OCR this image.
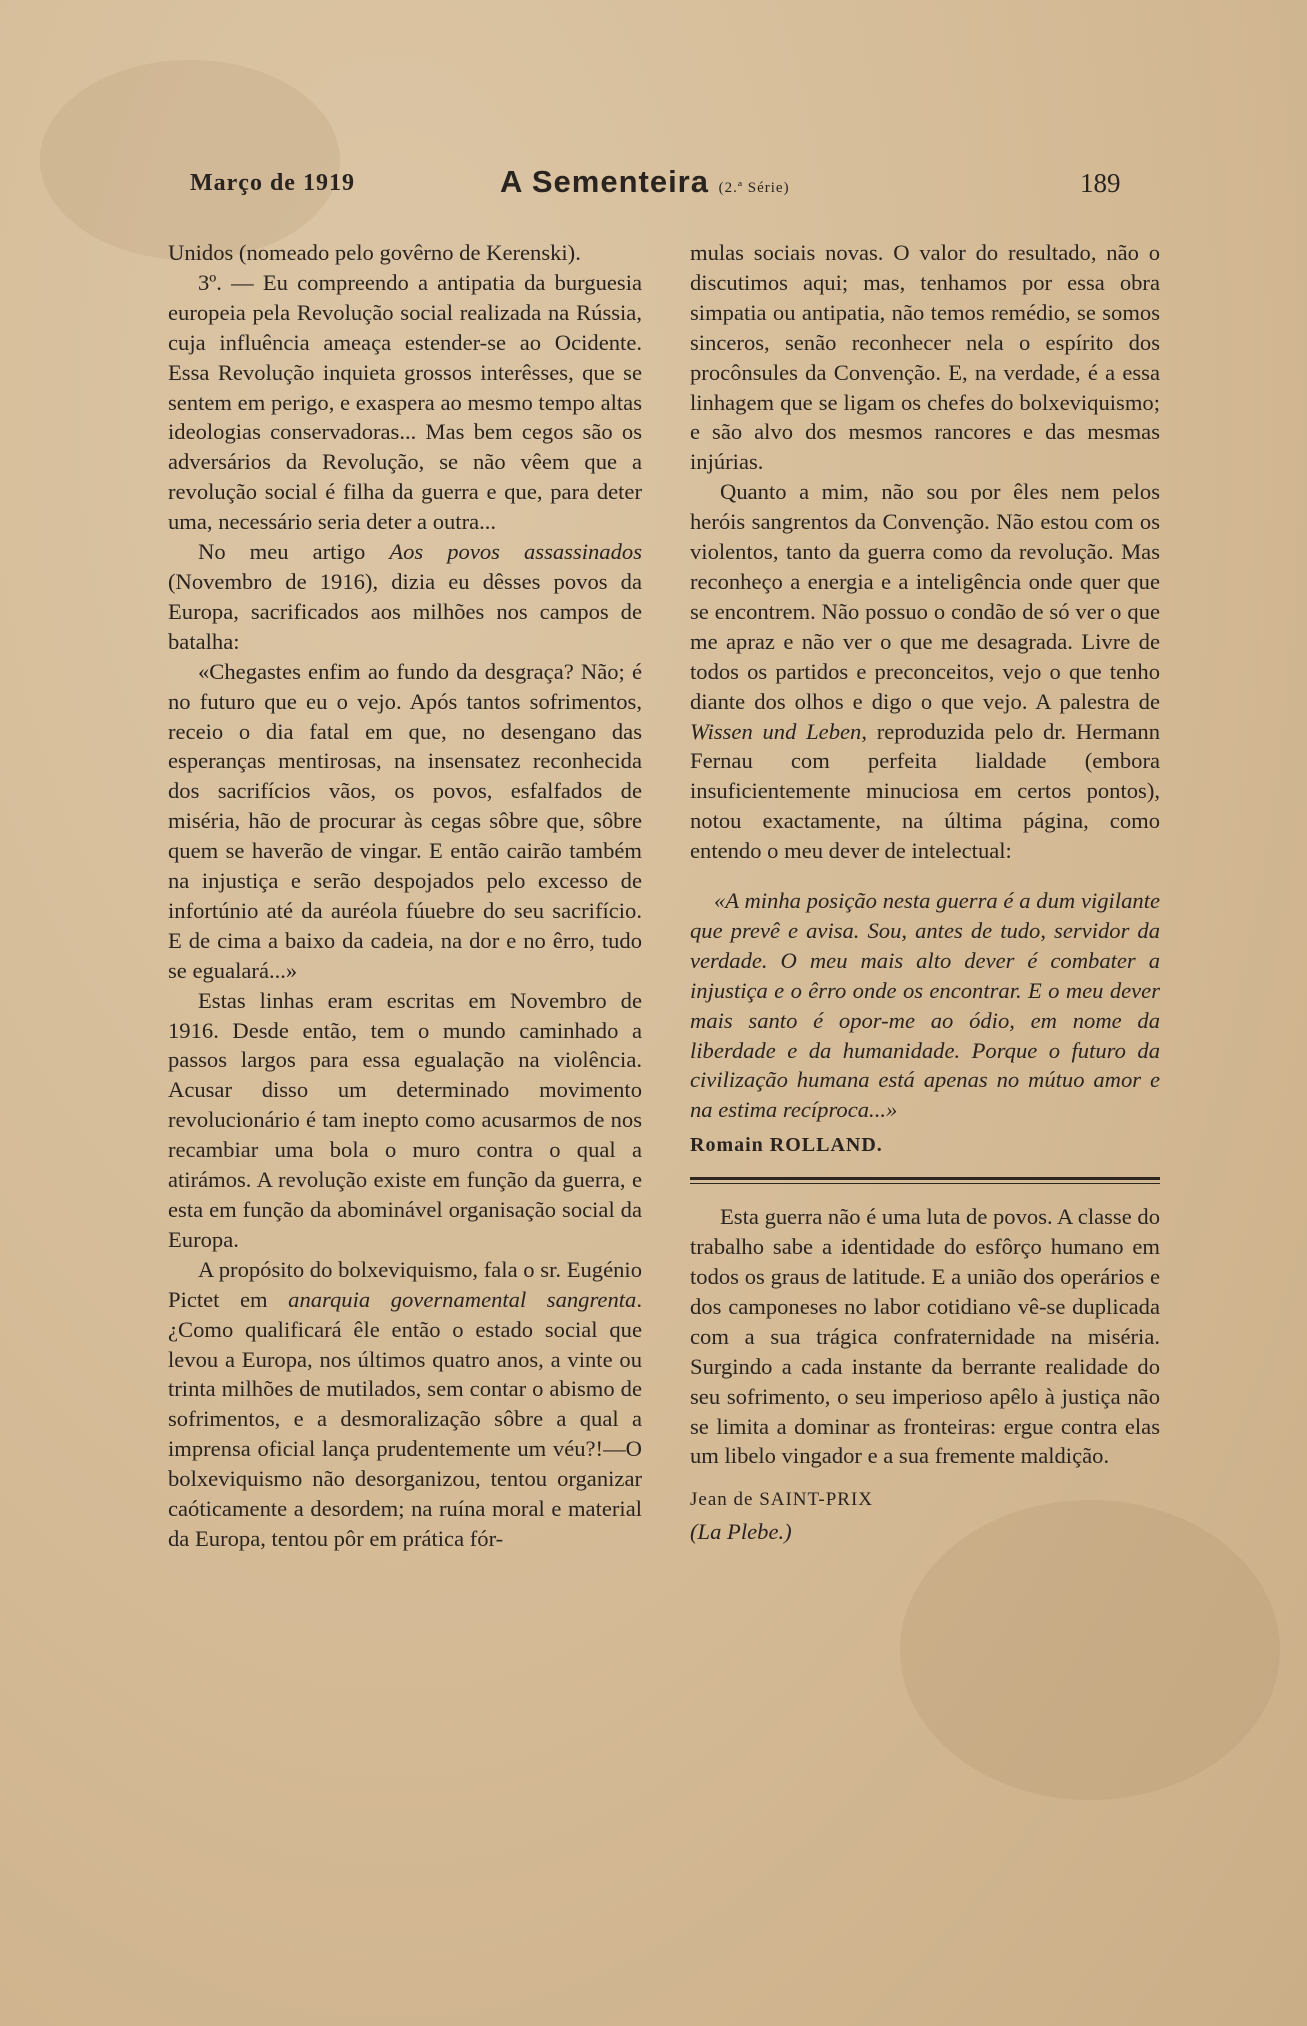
Março de 1919	A Sementeira (2.ª Série)	189

Unidos (nomeado pelo govêrno de Kerenski).

3º. — Eu compreendo a antipatia da burguesia europeia pela Revolução social realizada na Rússia, cuja influência ameaça estender-se ao Ocidente. Essa Revolução inquieta grossos interêsses, que se sentem em perigo, e exaspera ao mesmo tempo altas ideologias conservadoras... Mas bem cegos são os adversários da Revolução, se não vêem que a revolução social é filha da guerra e que, para deter uma, necessário seria deter a outra...

No meu artigo Aos povos assassinados (Novembro de 1916), dizia eu dêsses povos da Europa, sacrificados aos milhões nos campos de batalha:

«Chegastes enfim ao fundo da desgraça? Não; é no futuro que eu o vejo. Após tantos sofrimentos, receio o dia fatal em que, no desengano das esperanças mentirosas, na insensatez reconhecida dos sacrifícios vãos, os povos, esfalfados de miséria, hão de procurar às cegas sôbre que, sôbre quem se haverão de vingar. E então cairão também na injustiça e serão despojados pelo excesso de infortúnio até da auréola fúuebre do seu sacrifício. E de cima a baixo da cadeia, na dor e no êrro, tudo se egualará...»

Estas linhas eram escritas em Novembro de 1916. Desde então, tem o mundo caminhado a passos largos para essa egualação na violência. Acusar disso um determinado movimento revolucionário é tam inepto como acusarmos de nos recambiar uma bola o muro contra o qual a atirámos. A revolução existe em função da guerra, e esta em função da abominável organisação social da Europa.

A propósito do bolxeviquismo, fala o sr. Eugénio Pictet em anarquia governamental sangrenta. ¿Como qualificará êle então o estado social que levou a Europa, nos últimos quatro anos, a vinte ou trinta milhões de mutilados, sem contar o abismo de sofrimentos, e a desmoralização sôbre a qual a imprensa oficial lança prudentemente um véu?!—O bolxeviquismo não desorganizou, tentou organizar caóticamente a desordem; na ruína moral e material da Europa, tentou pôr em prática fór-

mulas sociais novas. O valor do resultado, não o discutimos aqui; mas, tenhamos por essa obra simpatia ou antipatia, não temos remédio, se somos sinceros, senão reconhecer nela o espírito dos procônsules da Convenção. E, na verdade, é a essa linhagem que se ligam os chefes do bolxeviquismo; e são alvo dos mesmos rancores e das mesmas injúrias.

Quanto a mim, não sou por êles nem pelos heróis sangrentos da Convenção. Não estou com os violentos, tanto da guerra como da revolução. Mas reconheço a energia e a inteligência onde quer que se encontrem. Não possuo o condão de só ver o que me apraz e não ver o que me desagrada. Livre de todos os partidos e preconceitos, vejo o que tenho diante dos olhos e digo o que vejo. A palestra de Wissen und Leben, reproduzida pelo dr. Hermann Fernau com perfeita lialdade (embora insuficientemente minuciosa em certos pontos), notou exactamente, na última página, como entendo o meu dever de intelectual:

«A minha posição nesta guerra é a dum vigilante que prevê e avisa. Sou, antes de tudo, servidor da verdade. O meu mais alto dever é combater a injustiça e o êrro onde os encontrar. E o meu dever mais santo é opor-me ao ódio, em nome da liberdade e da humanidade. Porque o futuro da civilização humana está apenas no mútuo amor e na estima recíproca...»

Romain ROLLAND.

Esta guerra não é uma luta de povos. A classe do trabalho sabe a identidade do esfôrço humano em todos os graus de latitude. E a união dos operários e dos camponeses no labor cotidiano vê-se duplicada com a sua trágica confraternidade na miséria. Surgindo a cada instante da berrante realidade do seu sofrimento, o seu imperioso apêlo à justiça não se limita a dominar as fronteiras: ergue contra elas um libelo vingador e a sua fremente maldição.

Jean de SAINT-PRIX

(La Plebe.)
